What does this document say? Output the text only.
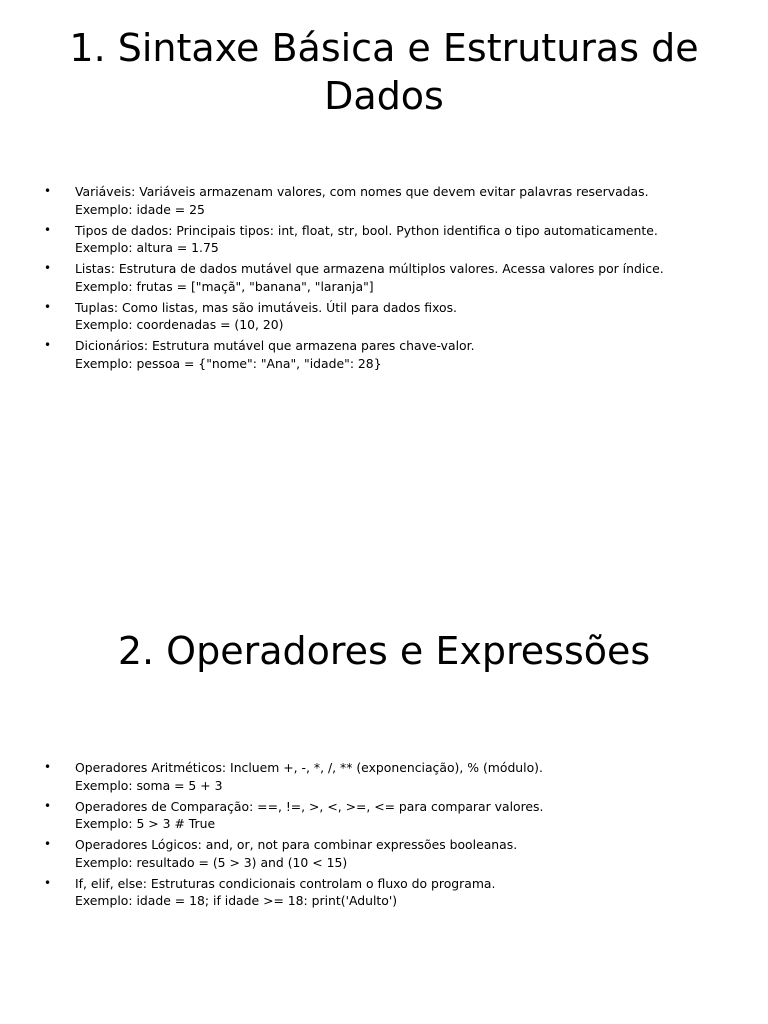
1. Sintaxe Básica e Estruturas de Dados
• Variáveis: Variáveis armazenam valores, com nomes que devem evitar palavras reservadas.
Exemplo: idade = 25
• Tipos de dados: Principais tipos: int, float, str, bool. Python identifica o tipo automaticamente.
Exemplo: altura = 1.75
• Listas: Estrutura de dados mutável que armazena múltiplos valores. Acessa valores por índice.
Exemplo: frutas = ["maçã", "banana", "laranja"]
• Tuplas: Como listas, mas são imutáveis. Útil para dados fixos.
Exemplo: coordenadas = (10, 20)
• Dicionários: Estrutura mutável que armazena pares chave-valor.
Exemplo: pessoa = {"nome": "Ana", "idade": 28}
2. Operadores e Expressões
• Operadores Aritméticos: Incluem +, -, *, /, ** (exponenciação), % (módulo).
Exemplo: soma = 5 + 3
• Operadores de Comparação: ==, !=, >, <, >=, <= para comparar valores.
Exemplo: 5 > 3 # True
• Operadores Lógicos: and, or, not para combinar expressões booleanas.
Exemplo: resultado = (5 > 3) and (10 < 15)
• If, elif, else: Estruturas condicionais controlam o fluxo do programa.
Exemplo: idade = 18; if idade >= 18: print('Adulto')
